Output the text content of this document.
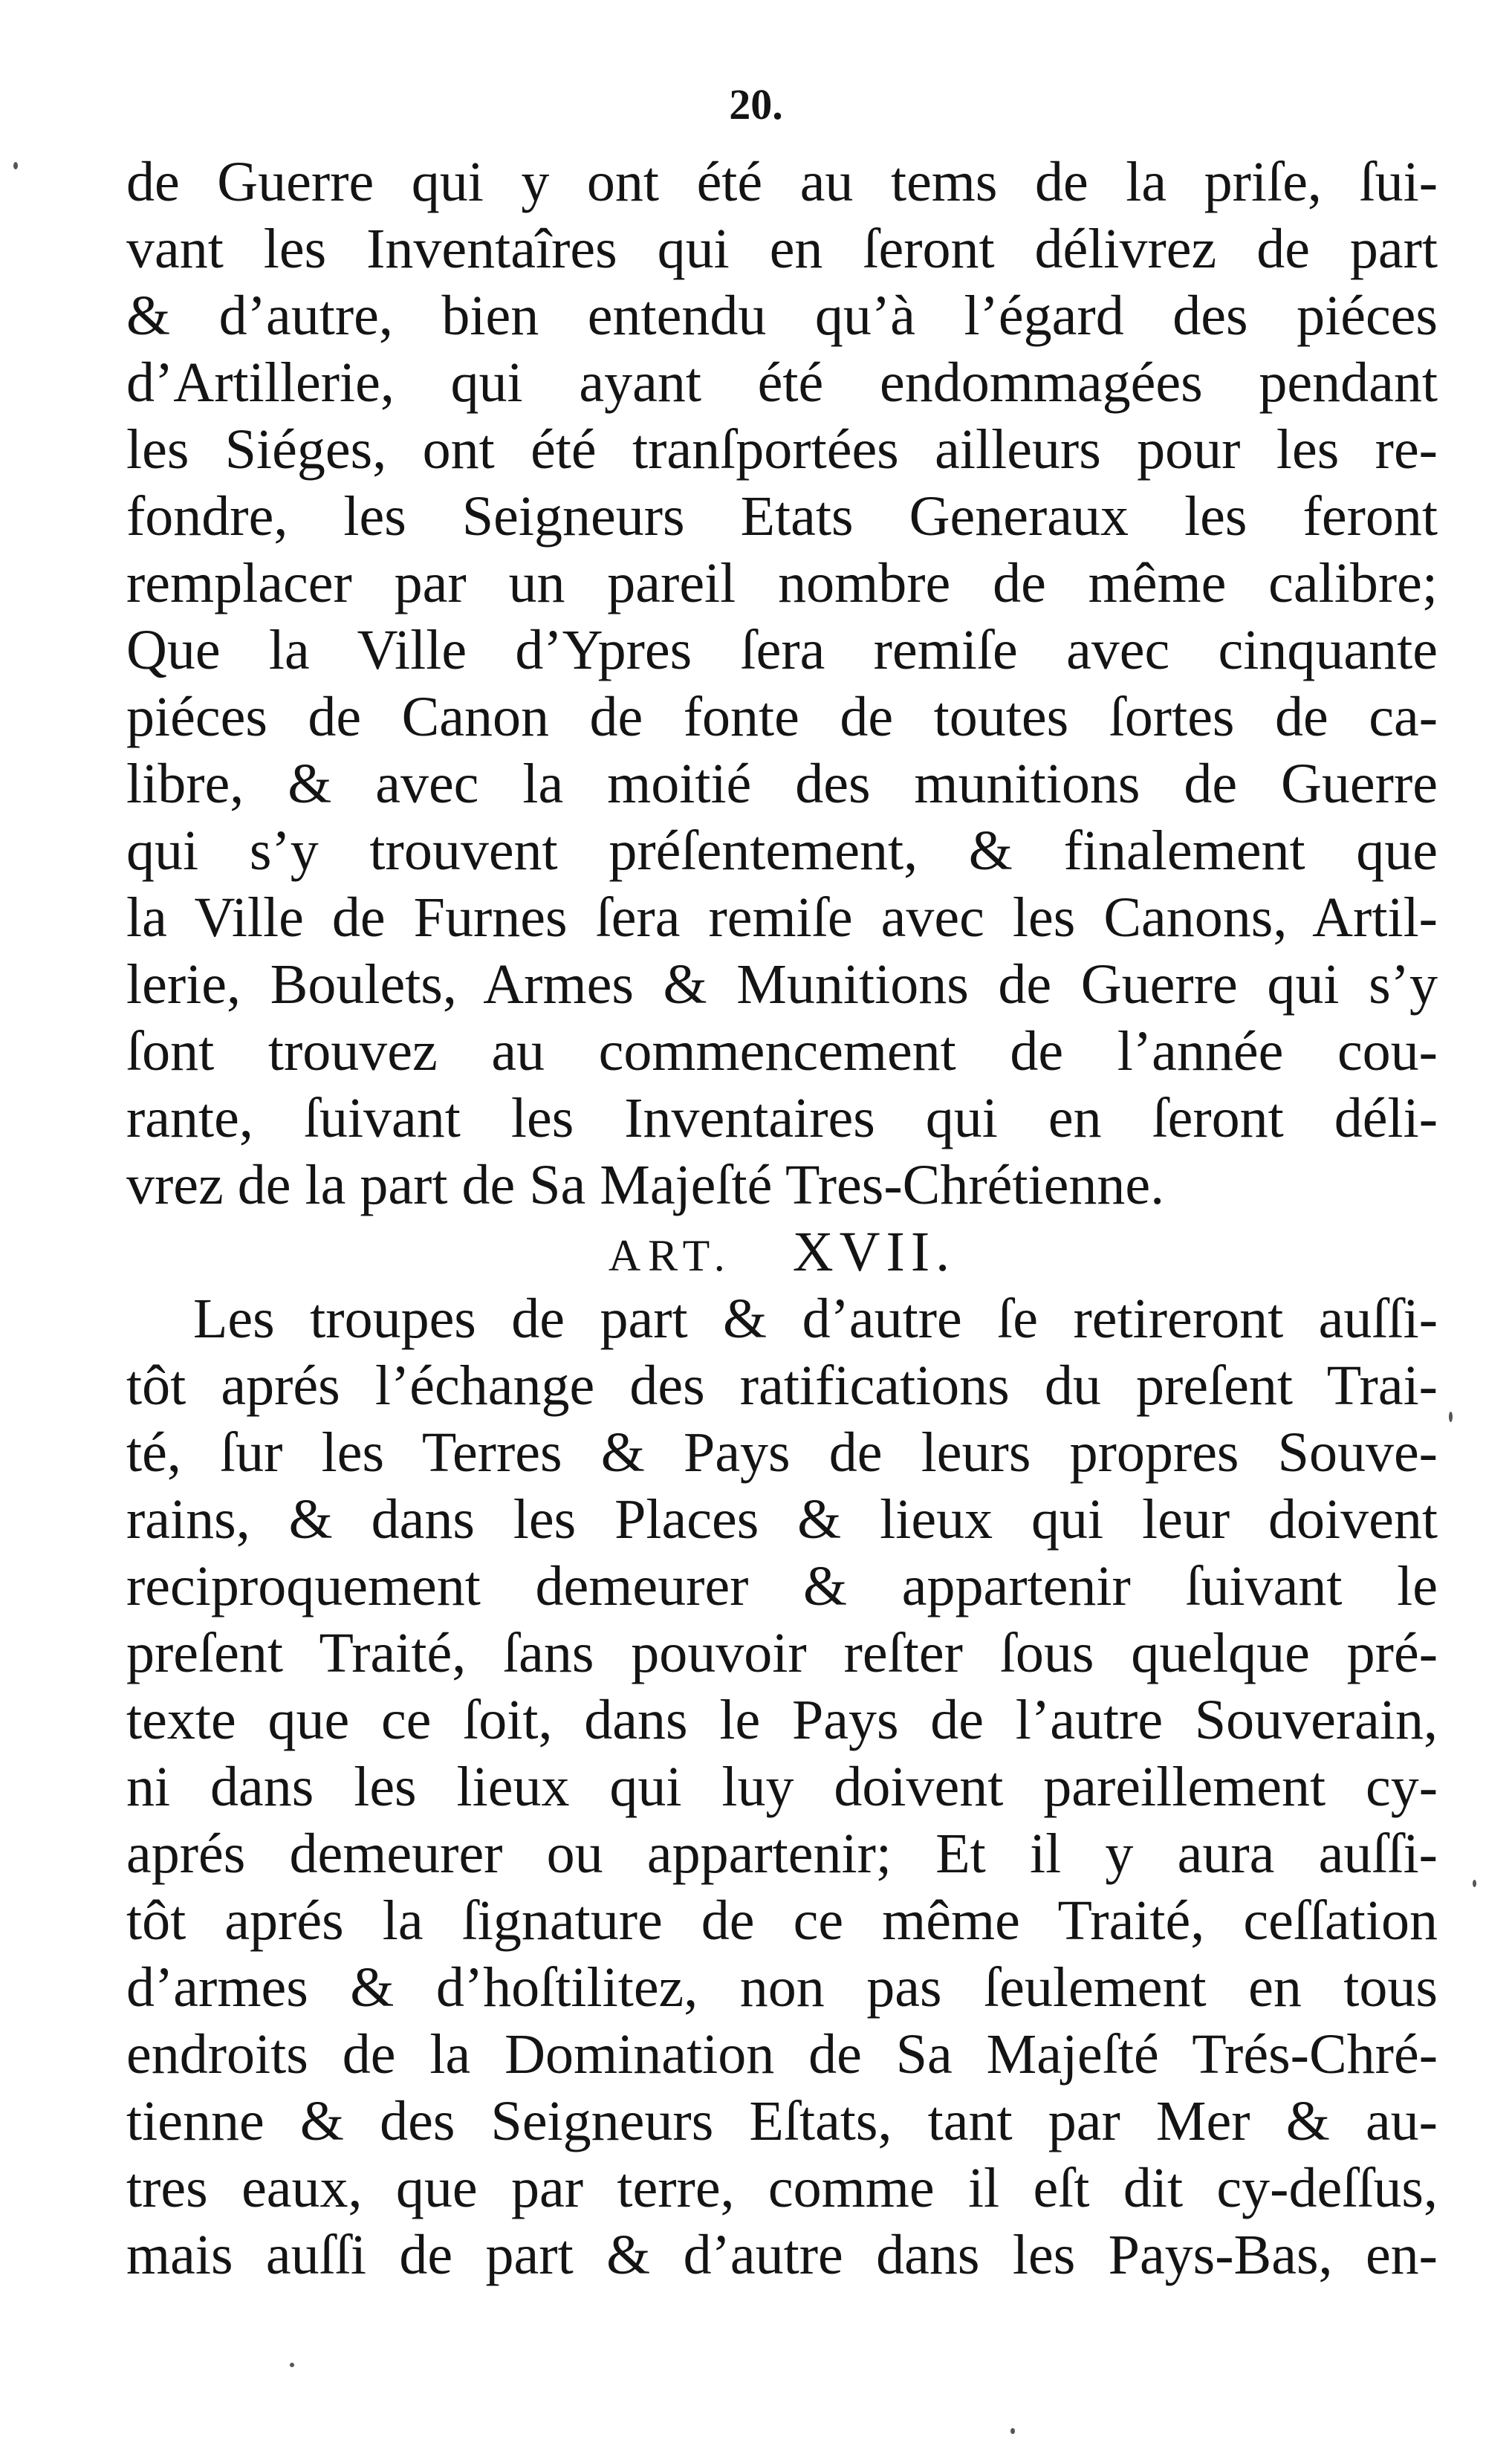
20.
de Guerre qui y ont été au tems de la priſe, ſui-
vant les Inventaîres qui en ſeront délivrez de part
& d’autre, bien entendu qu’à l’égard des piéces
d’Artillerie, qui ayant été endommagées pendant
les Siéges, ont été tranſportées ailleurs pour les re-
fondre, les Seigneurs Etats Generaux les feront
remplacer par un pareil nombre de même calibre;
Que la Ville d’Ypres ſera remiſe avec cinquante
piéces de Canon de fonte de toutes ſortes de ca-
libre, & avec la moitié des munitions de Guerre
qui s’y trouvent préſentement, & finalement que
la Ville de Furnes ſera remiſe avec les Canons, Artil-
lerie, Boulets, Armes & Munitions de Guerre qui s’y
ſont trouvez au commencement de l’année cou-
rante, ſuivant les Inventaires qui en ſeront déli-
vrez de la part de Sa Majeſté Tres-Chrétienne.
ART. XVII.
Les troupes de part & d’autre ſe retireront auſſi-
tôt aprés l’échange des ratifications du preſent Trai-
té, ſur les Terres & Pays de leurs propres Souve-
rains, & dans les Places & lieux qui leur doivent
reciproquement demeurer & appartenir ſuivant le
preſent Traité, ſans pouvoir reſter ſous quelque pré-
texte que ce ſoit, dans le Pays de l’autre Souverain,
ni dans les lieux qui luy doivent pareillement cy-
aprés demeurer ou appartenir; Et il y aura auſſi-
tôt aprés la ſignature de ce même Traité, ceſſation
d’armes & d’hoſtilitez, non pas ſeulement en tous
endroits de la Domination de Sa Majeſté Trés-Chré-
tienne & des Seigneurs Eſtats, tant par Mer & au-
tres eaux, que par terre, comme il eſt dit cy-deſſus,
mais auſſi de part & d’autre dans les Pays-Bas, en-
